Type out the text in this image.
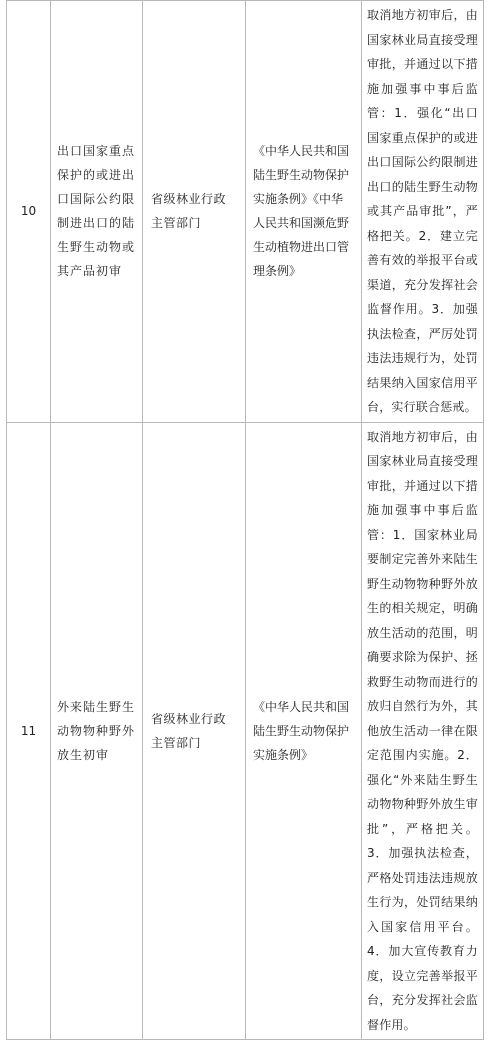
10	出口国家重点保护的或进出口国际公约限制进出口的陆生野生动物或其产品初审	省级林业行政主管部门	《中华人民共和国陆生野生动物保护实施条例》《中华人民共和国濒危野生动植物进出口管理条例》	取消地方初审后，由国家林业局直接受理审批，并通过以下措施加强事中事后监管：1．强化“出口国家重点保护的或进出口国际公约限制进出口的陆生野生动物或其产品审批”，严格把关。2．建立完善有效的举报平台或渠道，充分发挥社会监督作用。3．加强执法检查，严厉处罚违法违规行为，处罚结果纳入国家信用平台，实行联合惩戒。
11	外来陆生野生动物物种野外放生初审	省级林业行政主管部门	《中华人民共和国陆生野生动物保护实施条例》	取消地方初审后，由国家林业局直接受理审批，并通过以下措施加强事中事后监管：1．国家林业局要制定完善外来陆生野生动物物种野外放生的相关规定，明确放生活动的范围，明确要求除为保护、拯救野生动物而进行的放归自然行为外，其他放生活动一律在限定范围内实施。2．强化“外来陆生野生动物物种野外放生审批”，严格把关。3．加强执法检查，严格处罚违法违规放生行为，处罚结果纳入国家信用平台。4．加大宣传教育力度，设立完善举报平台，充分发挥社会监督作用。
